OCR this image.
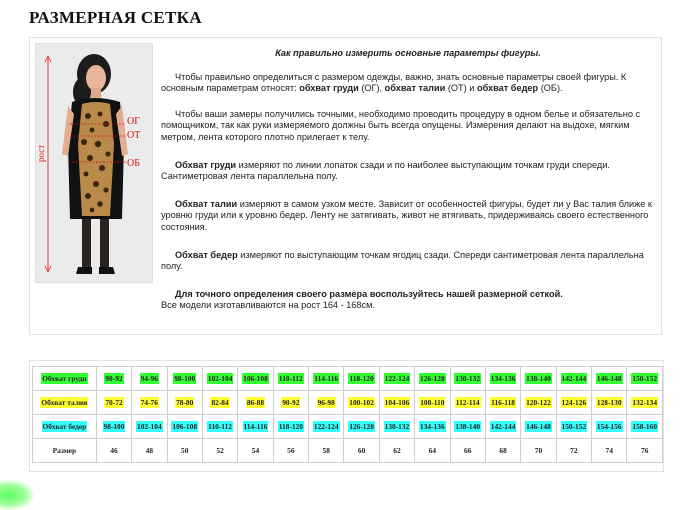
РАЗМЕРНАЯ СЕТКА
рост
ОГ
ОТ
ОБ

Как правильно измерить основные параметры фигуры.

Чтобы правильно определиться с размером одежды, важно, знать основные параметры своей фигуры. К основным параметрам относят: обхват груди (ОГ), обхват талии (ОТ) и обхват бедер (ОБ).

Чтобы ваши замеры получились точными, необходимо проводить процедуру в одном белье и обязательно с помощником, так как руки измеряемого должны быть всегда опущены. Измерения делают на выдохе, мягким метром, лента которого плотно прилегает к телу.

Обхват груди измеряют по линии лопаток сзади и по наиболее выступающим точкам груди спереди. Сантиметровая лента параллельна полу.

Обхват талии измеряют в самом узком месте. Зависит от особенностей фигуры, будет ли у Вас талия ближе к уровню груди или к уровню бедер. Ленту не затягивать, живот не втягивать, придерживаясь своего естественного состояния.

Обхват бедер измеряют по выступающим точкам ягодиц сзади. Спереди сантиметровая лента параллельна полу.

Для точного определения своего размера воспользуйтесь нашей размерной сеткой.
Все модели изготавливаются на рост 164 - 168см.

Обхват груди	90-92	94-96	98-100	102-104	106-108	110-112	114-116	118-120	122-124	126-128	130-132	134-136	138-140	142-144	146-148	150-152
Обхват талии	70-72	74-76	78-80	82-84	86-88	90-92	96-98	100-102	104-106	108-110	112-114	116-118	120-122	124-126	128-130	132-134
Обхват бедер	98-100	102-104	106-108	110-112	114-116	118-120	122-124	126-128	130-132	134-136	138-140	142-144	146-148	150-152	154-156	158-160
Размер	46	48	50	52	54	56	58	60	62	64	66	68	70	72	74	76
